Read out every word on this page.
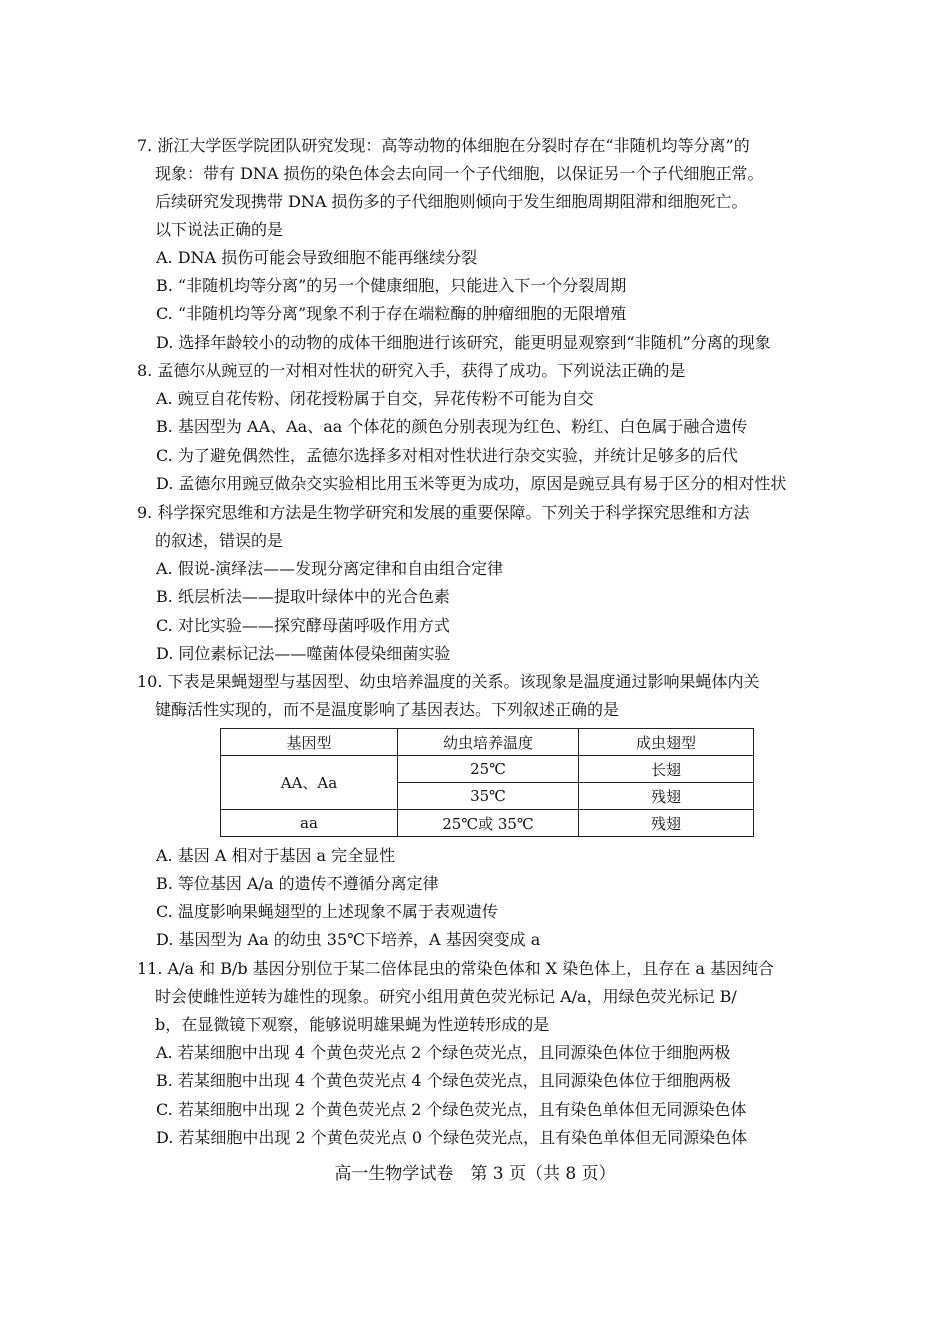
7. 浙江大学医学院团队研究发现：高等动物的体细胞在分裂时存在“非随机均等分离”的
现象：带有 DNA 损伤的染色体会去向同一个子代细胞，以保证另一个子代细胞正常。
后续研究发现携带 DNA 损伤多的子代细胞则倾向于发生细胞周期阻滞和细胞死亡。
以下说法正确的是
A. DNA 损伤可能会导致细胞不能再继续分裂
B. “非随机均等分离”的另一个健康细胞，只能进入下一个分裂周期
C. “非随机均等分离”现象不利于存在端粒酶的肿瘤细胞的无限增殖
D. 选择年龄较小的动物的成体干细胞进行该研究，能更明显观察到“非随机”分离的现象
8. 孟德尔从豌豆的一对相对性状的研究入手，获得了成功。下列说法正确的是
A. 豌豆自花传粉、闭花授粉属于自交，异花传粉不可能为自交
B. 基因型为 AA、Aa、aa 个体花的颜色分别表现为红色、粉红、白色属于融合遗传
C. 为了避免偶然性，孟德尔选择多对相对性状进行杂交实验，并统计足够多的后代
D. 孟德尔用豌豆做杂交实验相比用玉米等更为成功，原因是豌豆具有易于区分的相对性状
9. 科学探究思维和方法是生物学研究和发展的重要保障。下列关于科学探究思维和方法
的叙述，错误的是
A. 假说-演绎法——发现分离定律和自由组合定律
B. 纸层析法——提取叶绿体中的光合色素
C. 对比实验——探究酵母菌呼吸作用方式
D. 同位素标记法——噬菌体侵染细菌实验
10. 下表是果蝇翅型与基因型、幼虫培养温度的关系。该现象是温度通过影响果蝇体内关
键酶活性实现的，而不是温度影响了基因表达。下列叙述正确的是
基因型	幼虫培养温度	成虫翅型
AA、Aa	25℃	长翅
	35℃	残翅
aa	25℃或 35℃	残翅
A. 基因 A 相对于基因 a 完全显性
B. 等位基因 A/a 的遗传不遵循分离定律
C. 温度影响果蝇翅型的上述现象不属于表观遗传
D. 基因型为 Aa 的幼虫 35℃下培养，A 基因突变成 a
11. A/a 和 B/b 基因分别位于某二倍体昆虫的常染色体和 X 染色体上，且存在 a 基因纯合
时会使雌性逆转为雄性的现象。研究小组用黄色荧光标记 A/a，用绿色荧光标记 B/
b，在显微镜下观察，能够说明雄果蝇为性逆转形成的是
A. 若某细胞中出现 4 个黄色荧光点 2 个绿色荧光点，且同源染色体位于细胞两极
B. 若某细胞中出现 4 个黄色荧光点 4 个绿色荧光点，且同源染色体位于细胞两极
C. 若某细胞中出现 2 个黄色荧光点 2 个绿色荧光点，且有染色单体但无同源染色体
D. 若某细胞中出现 2 个黄色荧光点 0 个绿色荧光点，且有染色单体但无同源染色体
高一生物学试卷　第 3 页（共 8 页）
